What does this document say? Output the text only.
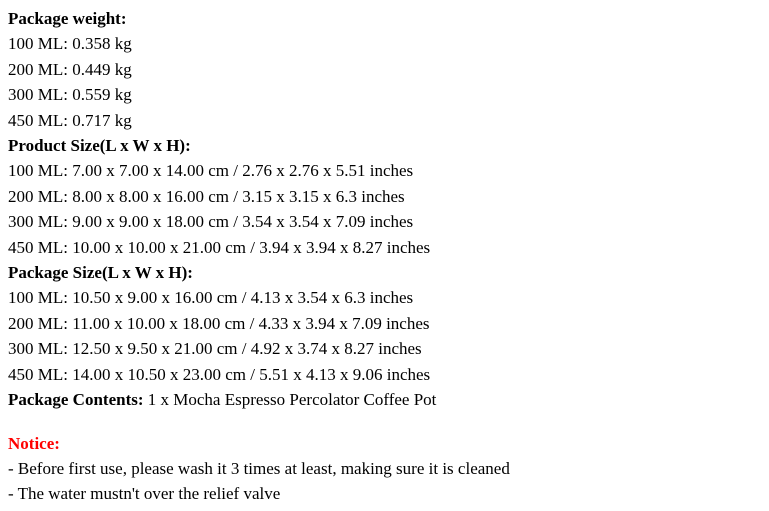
Package weight:
100 ML: 0.358 kg
200 ML: 0.449 kg
300 ML: 0.559 kg
450 ML: 0.717 kg
Product Size(L x W x H):
100 ML: 7.00 x 7.00 x 14.00 cm / 2.76 x 2.76 x 5.51 inches
200 ML: 8.00 x 8.00 x 16.00 cm / 3.15 x 3.15 x 6.3 inches
300 ML: 9.00 x 9.00 x 18.00 cm / 3.54 x 3.54 x 7.09 inches
450 ML: 10.00 x 10.00 x 21.00 cm / 3.94 x 3.94 x 8.27 inches
Package Size(L x W x H):
100 ML: 10.50 x 9.00 x 16.00 cm / 4.13 x 3.54 x 6.3 inches
200 ML: 11.00 x 10.00 x 18.00 cm / 4.33 x 3.94 x 7.09 inches
300 ML: 12.50 x 9.50 x 21.00 cm / 4.92 x 3.74 x 8.27 inches
450 ML: 14.00 x 10.50 x 23.00 cm / 5.51 x 4.13 x 9.06 inches
Package Contents: 1 x Mocha Espresso Percolator Coffee Pot
Notice:
- Before first use, please wash it 3 times at least, making sure it is cleaned
- The water mustn't over the relief valve
